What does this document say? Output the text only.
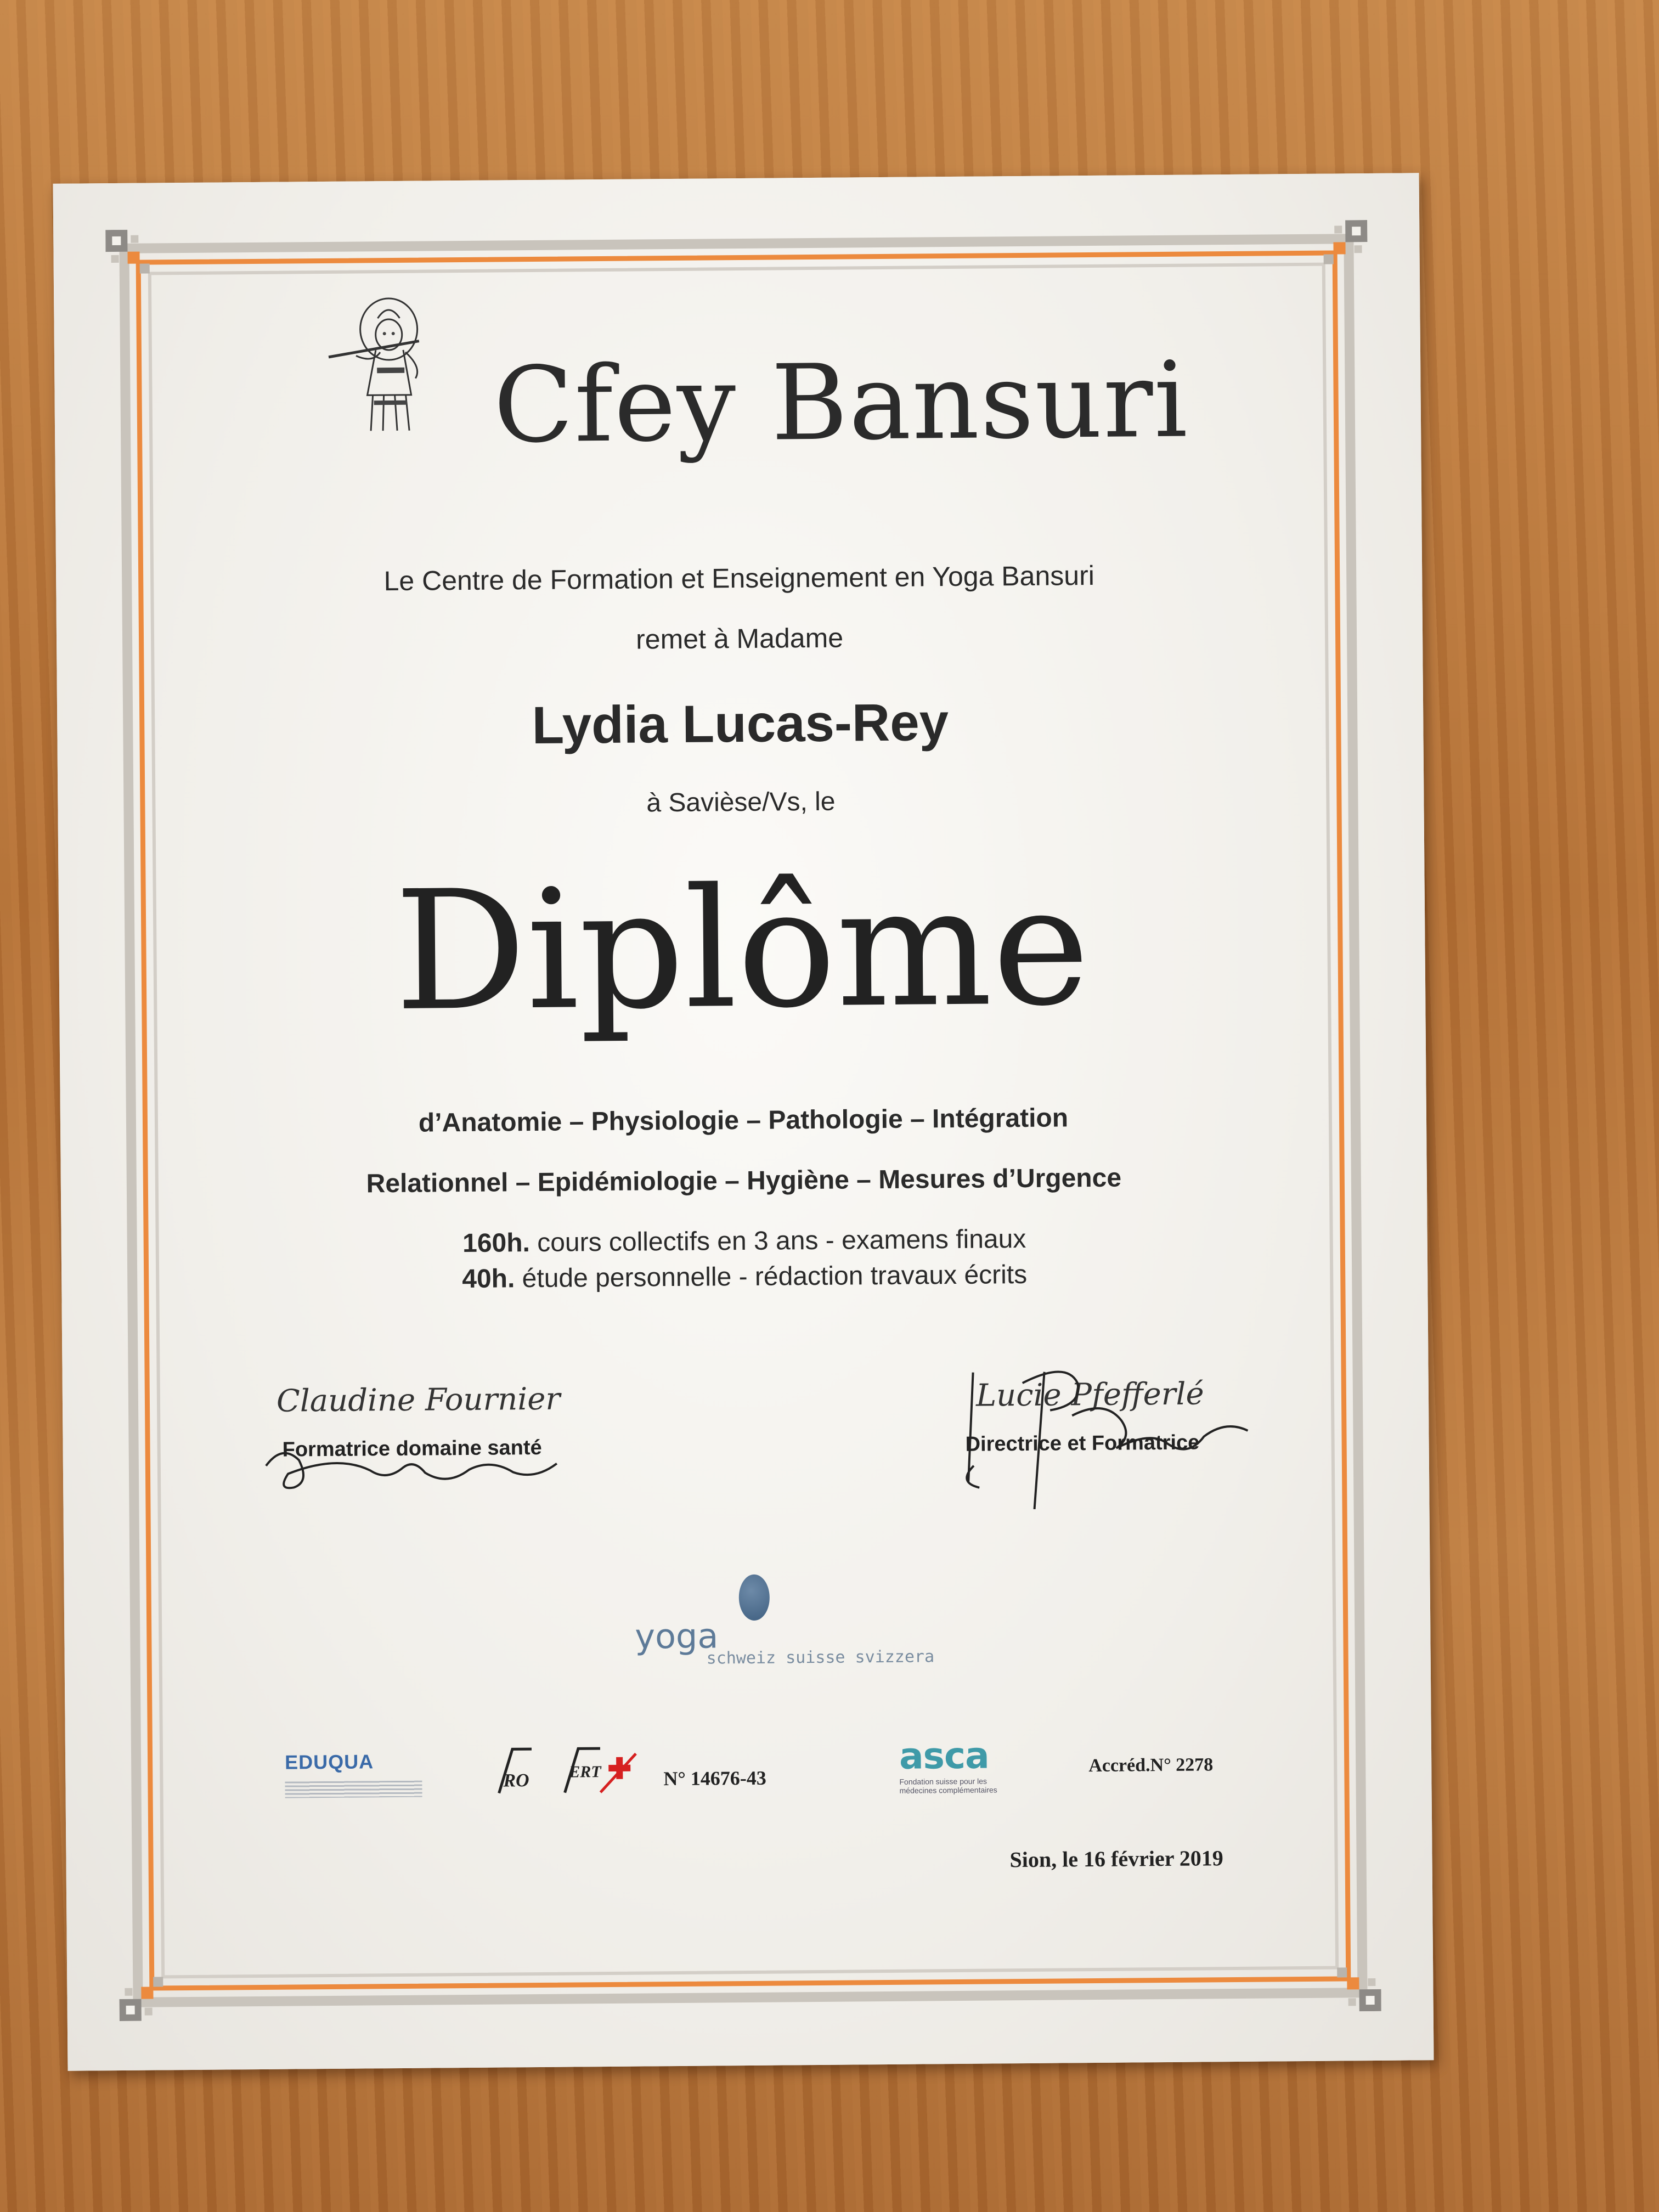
Cfey Bansuri
Le Centre de Formation et Enseignement en Yoga Bansuri
remet à Madame
Lydia Lucas-Rey
à Savièse/Vs, le
Diplôme
d’Anatomie – Physiologie – Pathologie – Intégration
Relationnel – Epidémiologie – Hygiène – Mesures d’Urgence
160h. cours collectifs en 3 ans - examens finaux
40h. étude personnelle - rédaction travaux écrits
Claudine Fournier
Formatrice domaine santé
Lucie Pfefferlé
Directrice et Formatrice
yoga
schweiz suisse svizzera
EDUQUA
RO ERT	N° 14676-43
asca
Fondation suisse pour les médecines complémentaires
Accréd.N° 2278
Sion, le 16 février 2019
